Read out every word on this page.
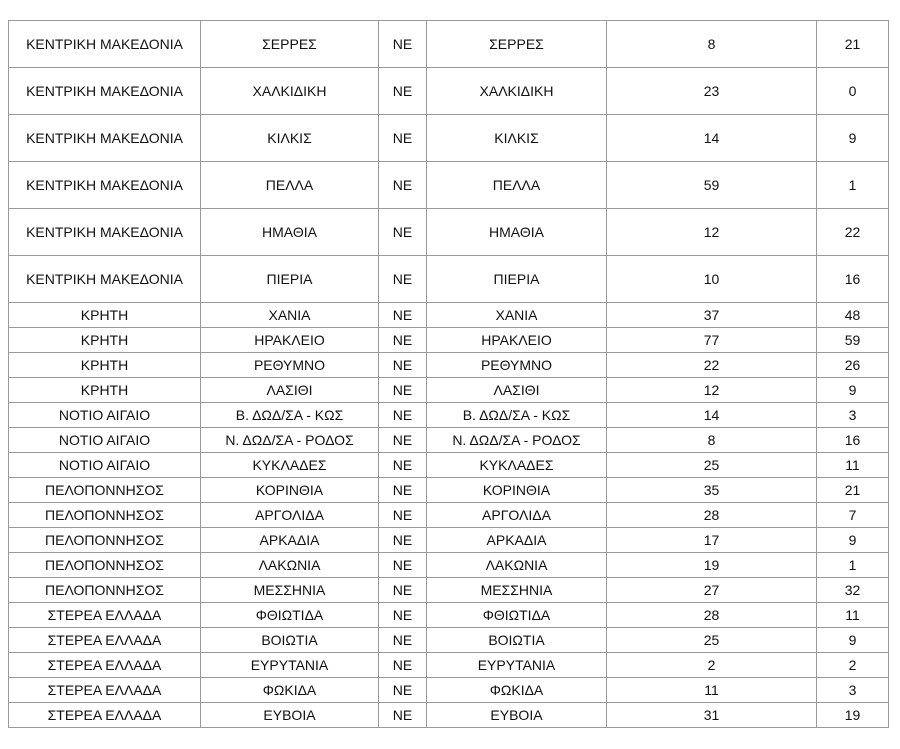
ΚΕΝΤΡΙΚΗ ΜΑΚΕΔΟΝΙΑ	ΣΕΡΡΕΣ	ΝΕ	ΣΕΡΡΕΣ	8	21
ΚΕΝΤΡΙΚΗ ΜΑΚΕΔΟΝΙΑ	ΧΑΛΚΙΔΙΚΗ	ΝΕ	ΧΑΛΚΙΔΙΚΗ	23	0
ΚΕΝΤΡΙΚΗ ΜΑΚΕΔΟΝΙΑ	ΚΙΛΚΙΣ	ΝΕ	ΚΙΛΚΙΣ	14	9
ΚΕΝΤΡΙΚΗ ΜΑΚΕΔΟΝΙΑ	ΠΕΛΛΑ	ΝΕ	ΠΕΛΛΑ	59	1
ΚΕΝΤΡΙΚΗ ΜΑΚΕΔΟΝΙΑ	ΗΜΑΘΙΑ	ΝΕ	ΗΜΑΘΙΑ	12	22
ΚΕΝΤΡΙΚΗ ΜΑΚΕΔΟΝΙΑ	ΠΙΕΡΙΑ	ΝΕ	ΠΙΕΡΙΑ	10	16
ΚΡΗΤΗ	ΧΑΝΙΑ	ΝΕ	ΧΑΝΙΑ	37	48
ΚΡΗΤΗ	ΗΡΑΚΛΕΙΟ	ΝΕ	ΗΡΑΚΛΕΙΟ	77	59
ΚΡΗΤΗ	ΡΕΘΥΜΝΟ	ΝΕ	ΡΕΘΥΜΝΟ	22	26
ΚΡΗΤΗ	ΛΑΣΙΘΙ	ΝΕ	ΛΑΣΙΘΙ	12	9
ΝΟΤΙΟ ΑΙΓΑΙΟ	Β. ΔΩΔ/ΣΑ - ΚΩΣ	ΝΕ	Β. ΔΩΔ/ΣΑ - ΚΩΣ	14	3
ΝΟΤΙΟ ΑΙΓΑΙΟ	Ν. ΔΩΔ/ΣΑ - ΡΟΔΟΣ	ΝΕ	Ν. ΔΩΔ/ΣΑ - ΡΟΔΟΣ	8	16
ΝΟΤΙΟ ΑΙΓΑΙΟ	ΚΥΚΛΑΔΕΣ	ΝΕ	ΚΥΚΛΑΔΕΣ	25	11
ΠΕΛΟΠΟΝΝΗΣΟΣ	ΚΟΡΙΝΘΙΑ	ΝΕ	ΚΟΡΙΝΘΙΑ	35	21
ΠΕΛΟΠΟΝΝΗΣΟΣ	ΑΡΓΟΛΙΔΑ	ΝΕ	ΑΡΓΟΛΙΔΑ	28	7
ΠΕΛΟΠΟΝΝΗΣΟΣ	ΑΡΚΑΔΙΑ	ΝΕ	ΑΡΚΑΔΙΑ	17	9
ΠΕΛΟΠΟΝΝΗΣΟΣ	ΛΑΚΩΝΙΑ	ΝΕ	ΛΑΚΩΝΙΑ	19	1
ΠΕΛΟΠΟΝΝΗΣΟΣ	ΜΕΣΣΗΝΙΑ	ΝΕ	ΜΕΣΣΗΝΙΑ	27	32
ΣΤΕΡΕΑ ΕΛΛΑΔΑ	ΦΘΙΩΤΙΔΑ	ΝΕ	ΦΘΙΩΤΙΔΑ	28	11
ΣΤΕΡΕΑ ΕΛΛΑΔΑ	ΒΟΙΩΤΙΑ	ΝΕ	ΒΟΙΩΤΙΑ	25	9
ΣΤΕΡΕΑ ΕΛΛΑΔΑ	ΕΥΡΥΤΑΝΙΑ	ΝΕ	ΕΥΡΥΤΑΝΙΑ	2	2
ΣΤΕΡΕΑ ΕΛΛΑΔΑ	ΦΩΚΙΔΑ	ΝΕ	ΦΩΚΙΔΑ	11	3
ΣΤΕΡΕΑ ΕΛΛΑΔΑ	ΕΥΒΟΙΑ	ΝΕ	ΕΥΒΟΙΑ	31	19
